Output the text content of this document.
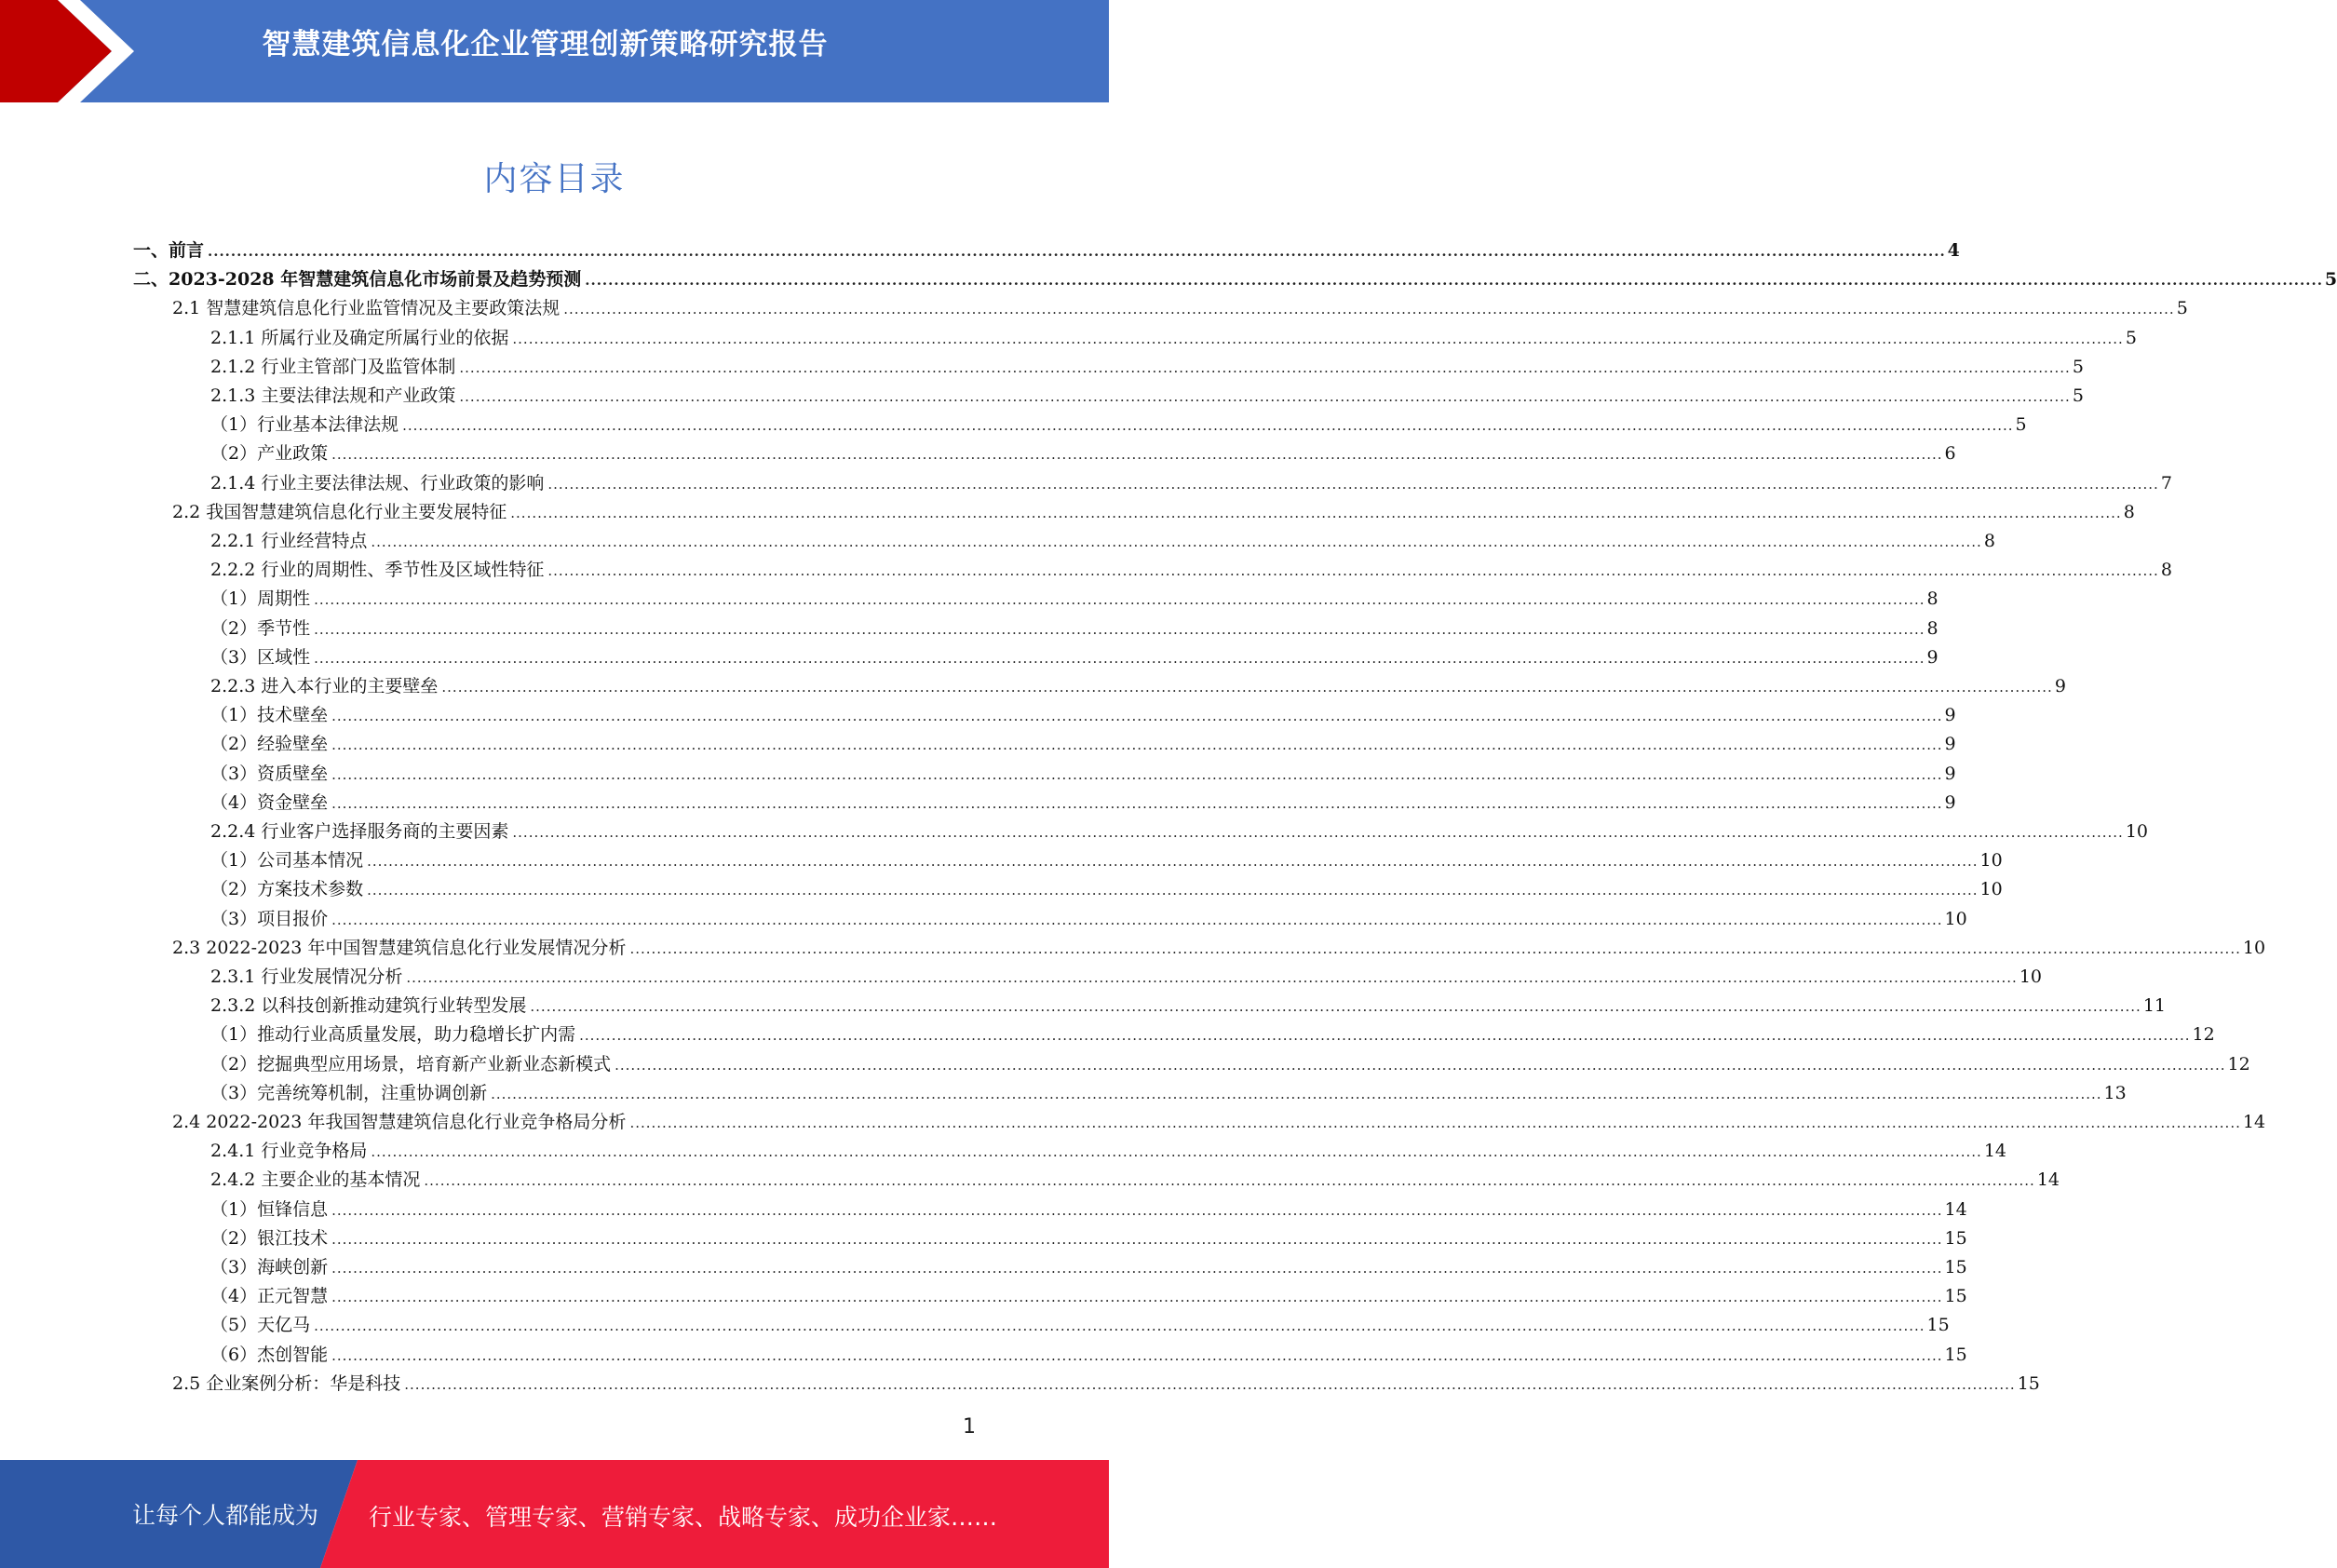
智慧建筑信息化企业管理创新策略研究报告
内容目录
一、前言 ............................................................................................................................................................................................................................................................................................................ 4
二、2023-2028 年智慧建筑信息化市场前景及趋势预测 ............................................................................................................................................................................................................................................................................................................ 5
2.1 智慧建筑信息化行业监管情况及主要政策法规 ............................................................................................................................................................................................................................................................................................................ 5
2.1.1 所属行业及确定所属行业的依据 ............................................................................................................................................................................................................................................................................................................ 5
2.1.2 行业主管部门及监管体制 ............................................................................................................................................................................................................................................................................................................ 5
2.1.3 主要法律法规和产业政策 ............................................................................................................................................................................................................................................................................................................ 5
（1）行业基本法律法规 ............................................................................................................................................................................................................................................................................................................ 5
（2）产业政策 ............................................................................................................................................................................................................................................................................................................ 6
2.1.4 行业主要法律法规、行业政策的影响 ............................................................................................................................................................................................................................................................................................................ 7
2.2 我国智慧建筑信息化行业主要发展特征 ............................................................................................................................................................................................................................................................................................................ 8
2.2.1 行业经营特点 ............................................................................................................................................................................................................................................................................................................ 8
2.2.2 行业的周期性、季节性及区域性特征 ............................................................................................................................................................................................................................................................................................................ 8
（1）周期性 ............................................................................................................................................................................................................................................................................................................ 8
（2）季节性 ............................................................................................................................................................................................................................................................................................................ 8
（3）区域性 ............................................................................................................................................................................................................................................................................................................ 9
2.2.3 进入本行业的主要壁垒 ............................................................................................................................................................................................................................................................................................................ 9
（1）技术壁垒 ............................................................................................................................................................................................................................................................................................................ 9
（2）经验壁垒 ............................................................................................................................................................................................................................................................................................................ 9
（3）资质壁垒 ............................................................................................................................................................................................................................................................................................................ 9
（4）资金壁垒 ............................................................................................................................................................................................................................................................................................................ 9
2.2.4 行业客户选择服务商的主要因素 ............................................................................................................................................................................................................................................................................................................ 10
（1）公司基本情况 ............................................................................................................................................................................................................................................................................................................ 10
（2）方案技术参数 ............................................................................................................................................................................................................................................................................................................ 10
（3）项目报价 ............................................................................................................................................................................................................................................................................................................ 10
2.3 2022-2023 年中国智慧建筑信息化行业发展情况分析 ............................................................................................................................................................................................................................................................................................................ 10
2.3.1 行业发展情况分析 ............................................................................................................................................................................................................................................................................................................ 10
2.3.2 以科技创新推动建筑行业转型发展 ............................................................................................................................................................................................................................................................................................................ 11
（1）推动行业高质量发展，助力稳增长扩内需 ............................................................................................................................................................................................................................................................................................................ 12
（2）挖掘典型应用场景，培育新产业新业态新模式 ............................................................................................................................................................................................................................................................................................................ 12
（3）完善统筹机制，注重协调创新 ............................................................................................................................................................................................................................................................................................................ 13
2.4 2022-2023 年我国智慧建筑信息化行业竞争格局分析 ............................................................................................................................................................................................................................................................................................................ 14
2.4.1 行业竞争格局 ............................................................................................................................................................................................................................................................................................................ 14
2.4.2 主要企业的基本情况 ............................................................................................................................................................................................................................................................................................................ 14
（1）恒锋信息 ............................................................................................................................................................................................................................................................................................................ 14
（2）银江技术 ............................................................................................................................................................................................................................................................................................................ 15
（3）海峡创新 ............................................................................................................................................................................................................................................................................................................ 15
（4）正元智慧 ............................................................................................................................................................................................................................................................................................................ 15
（5）天亿马 ............................................................................................................................................................................................................................................................................................................ 15
（6）杰创智能 ............................................................................................................................................................................................................................................................................................................ 15
2.5 企业案例分析：华是科技 ............................................................................................................................................................................................................................................................................................................ 15
1
让每个人都能成为 行业专家、管理专家、营销专家、战略专家、成功企业家……
